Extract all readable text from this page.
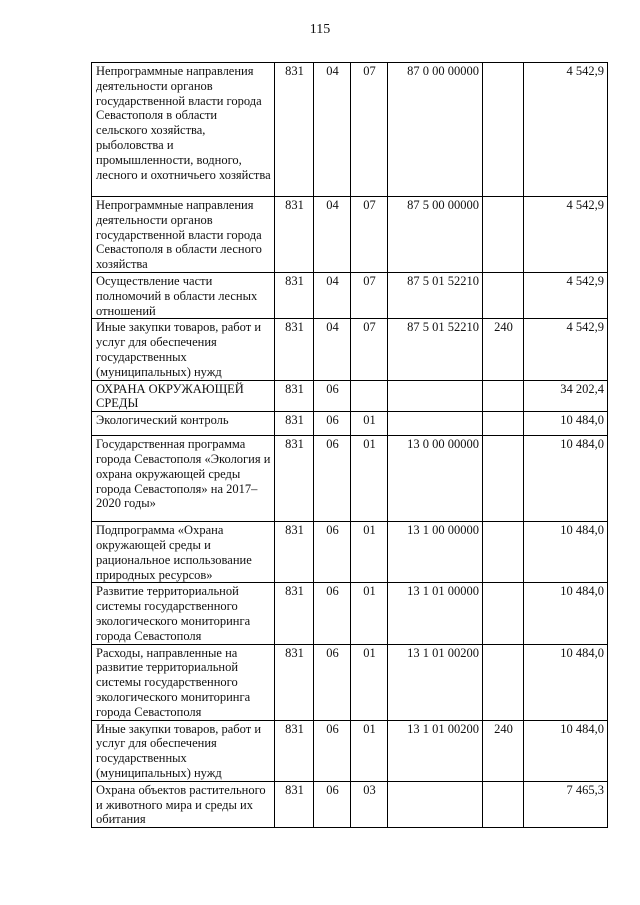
115
Непрограммные направления деятельности органов государственной власти города Севастополя в области сельского хозяйства, рыболовства и промышленности, водного, лесного и охотничьего хозяйства	831	04	07	87 0 00 00000		4 542,9
Непрограммные направления деятельности органов государственной власти города Севастополя в области лесного хозяйства	831	04	07	87 5 00 00000		4 542,9
Осуществление части полномочий в области лесных отношений	831	04	07	87 5 01 52210		4 542,9
Иные закупки товаров, работ и услуг для обеспечения государственных (муниципальных) нужд	831	04	07	87 5 01 52210	240	4 542,9
ОХРАНА ОКРУЖАЮЩЕЙ СРЕДЫ	831	06				34 202,4
Экологический контроль	831	06	01			10 484,0
Государственная программа города Севастополя «Экология и охрана окружающей среды города Севастополя» на 2017–2020 годы»	831	06	01	13 0 00 00000		10 484,0
Подпрограмма «Охрана окружающей среды и рациональное использование природных ресурсов»	831	06	01	13 1 00 00000		10 484,0
Развитие территориальной системы государственного экологического мониторинга города Севастополя	831	06	01	13 1 01 00000		10 484,0
Расходы, направленные на развитие территориальной системы государственного экологического мониторинга города Севастополя	831	06	01	13 1 01 00200		10 484,0
Иные закупки товаров, работ и услуг для обеспечения государственных (муниципальных) нужд	831	06	01	13 1 01 00200	240	10 484,0
Охрана объектов растительного и животного мира и среды их обитания	831	06	03			7 465,3
